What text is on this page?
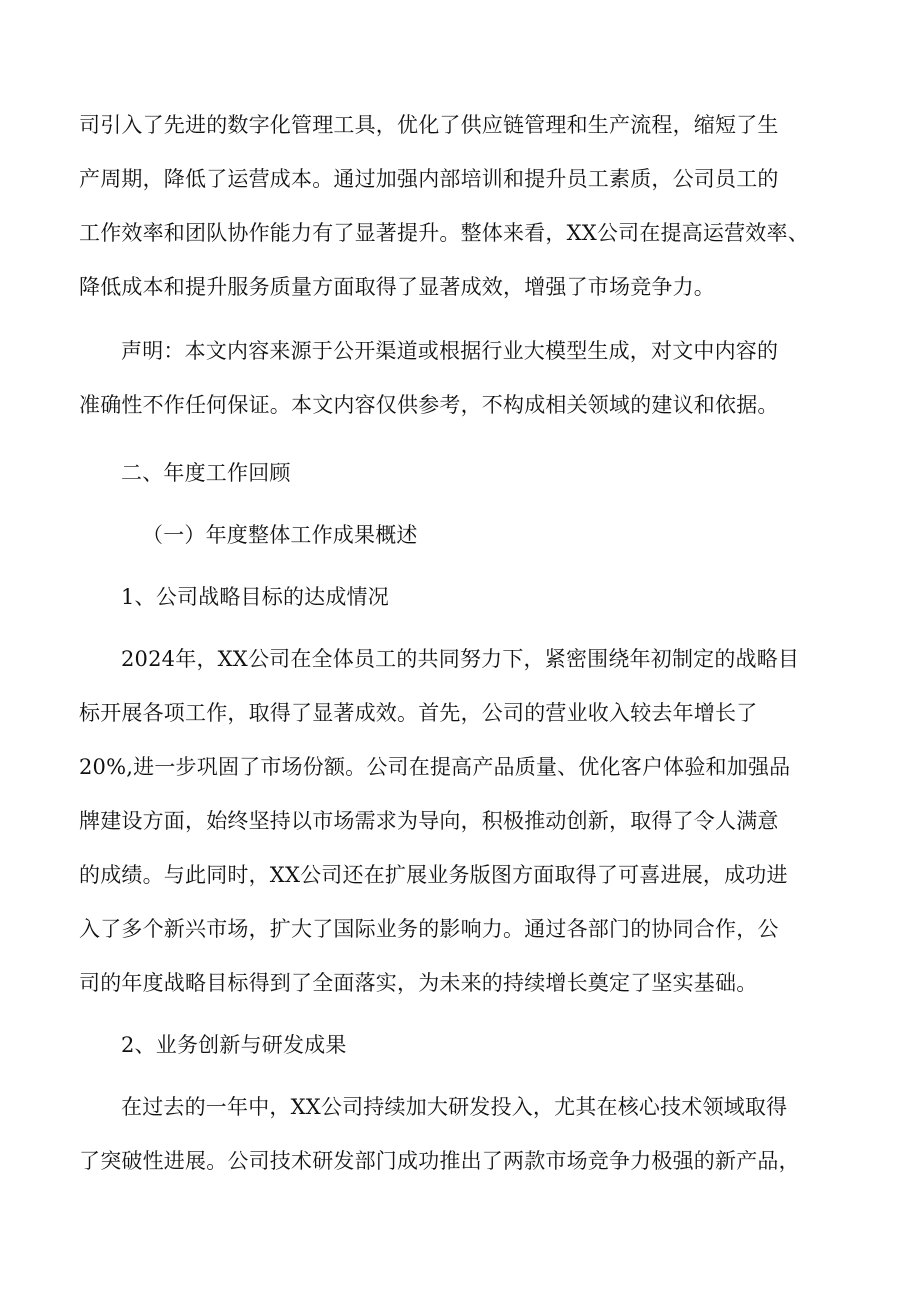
司引入了先进的数字化管理工具，优化了供应链管理和生产流程，缩短了生
产周期，降低了运营成本。通过加强内部培训和提升员工素质，公司员工的
工作效率和团队协作能力有了显著提升。整体来看，XX公司在提高运营效率、
降低成本和提升服务质量方面取得了显著成效，增强了市场竞争力。
声明：本文内容来源于公开渠道或根据行业大模型生成，对文中内容的
准确性不作任何保证。本文内容仅供参考，不构成相关领域的建议和依据。
二、年度工作回顾
（一）年度整体工作成果概述
1、公司战略目标的达成情况
2024年，XX公司在全体员工的共同努力下，紧密围绕年初制定的战略目
标开展各项工作，取得了显著成效。首先，公司的营业收入较去年增长了
20%,进一步巩固了市场份额。公司在提高产品质量、优化客户体验和加强品
牌建设方面，始终坚持以市场需求为导向，积极推动创新，取得了令人满意
的成绩。与此同时，XX公司还在扩展业务版图方面取得了可喜进展，成功进
入了多个新兴市场，扩大了国际业务的影响力。通过各部门的协同合作，公
司的年度战略目标得到了全面落实，为未来的持续增长奠定了坚实基础。
2、业务创新与研发成果
在过去的一年中，XX公司持续加大研发投入，尤其在核心技术领域取得
了突破性进展。公司技术研发部门成功推出了两款市场竞争力极强的新产品，
